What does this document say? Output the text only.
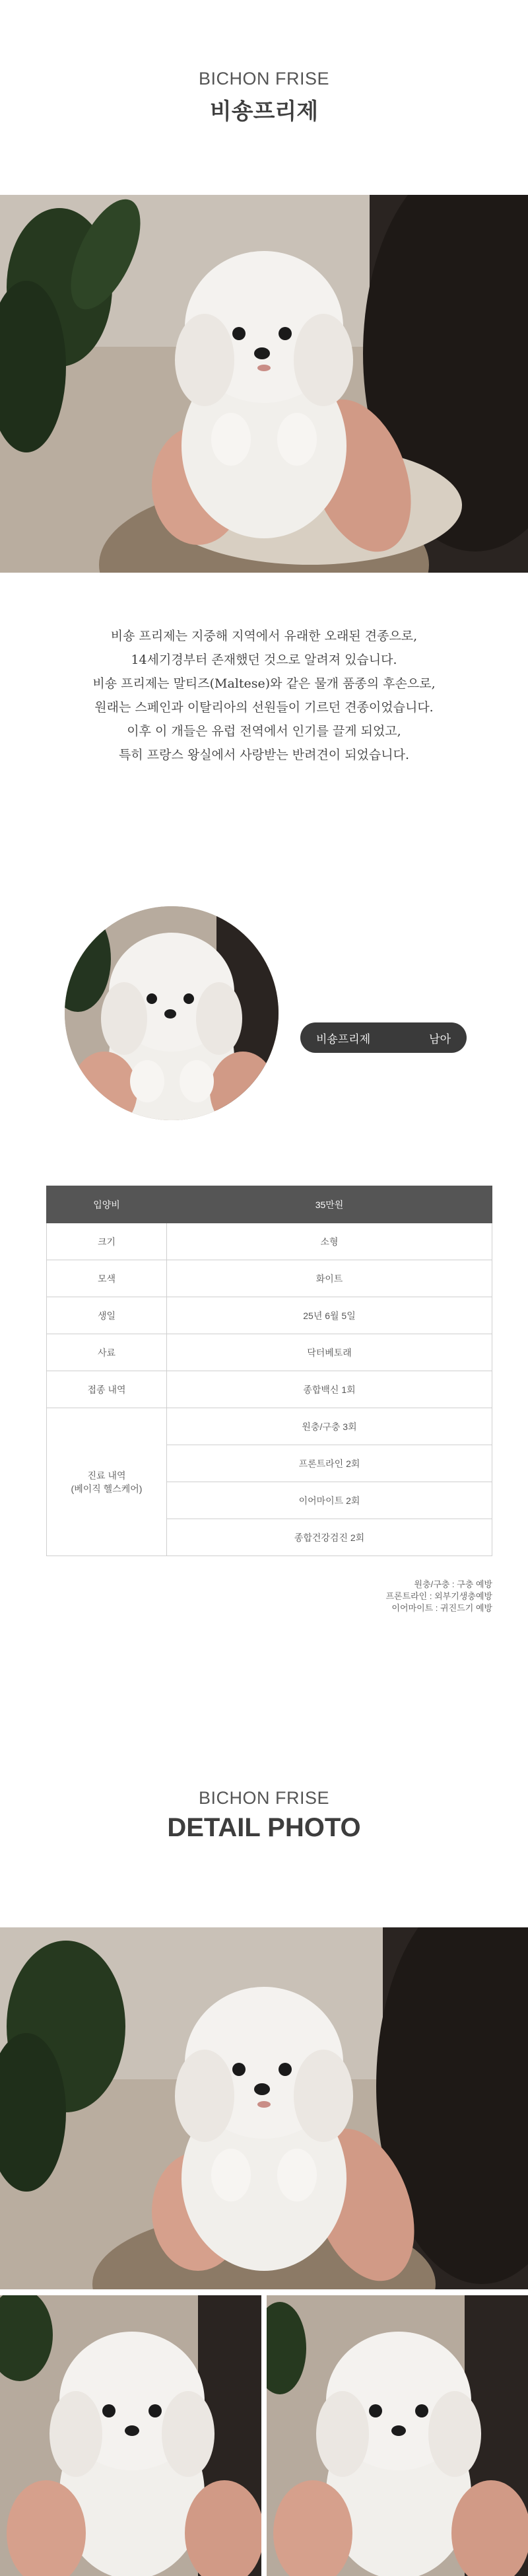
BICHON FRISE
비숑프리제

비숑 프리제는 지중해 지역에서 유래한 오래된 견종으로,

14세기경부터 존재했던 것으로 알려져 있습니다.

비숑 프리제는 말티즈(Maltese)와 같은 물개 품종의 후손으로,

원래는 스페인과 이탈리아의 선원들이 기르던 견종이었습니다.

이후 이 개들은 유럽 전역에서 인기를 끌게 되었고,

특히 프랑스 왕실에서 사랑받는 반려견이 되었습니다.

비숑프리제	남아
입양비	35만원
크기	소형
모색	화이트
생일	25년 6월 5일
사료	닥터베토래
접종 내역	종합백신 1회

진료 내역
(베이직 헬스케어)	원충/구충 3회
	프론트라인 2회
	이어마이트 2회
	종합건강검진 2회
원충/구충 : 구충 예방
프론트라인 : 외부기생충예방
이어마이트 : 귀진드기 예방
BICHON FRISE
DETAIL PHOTO
